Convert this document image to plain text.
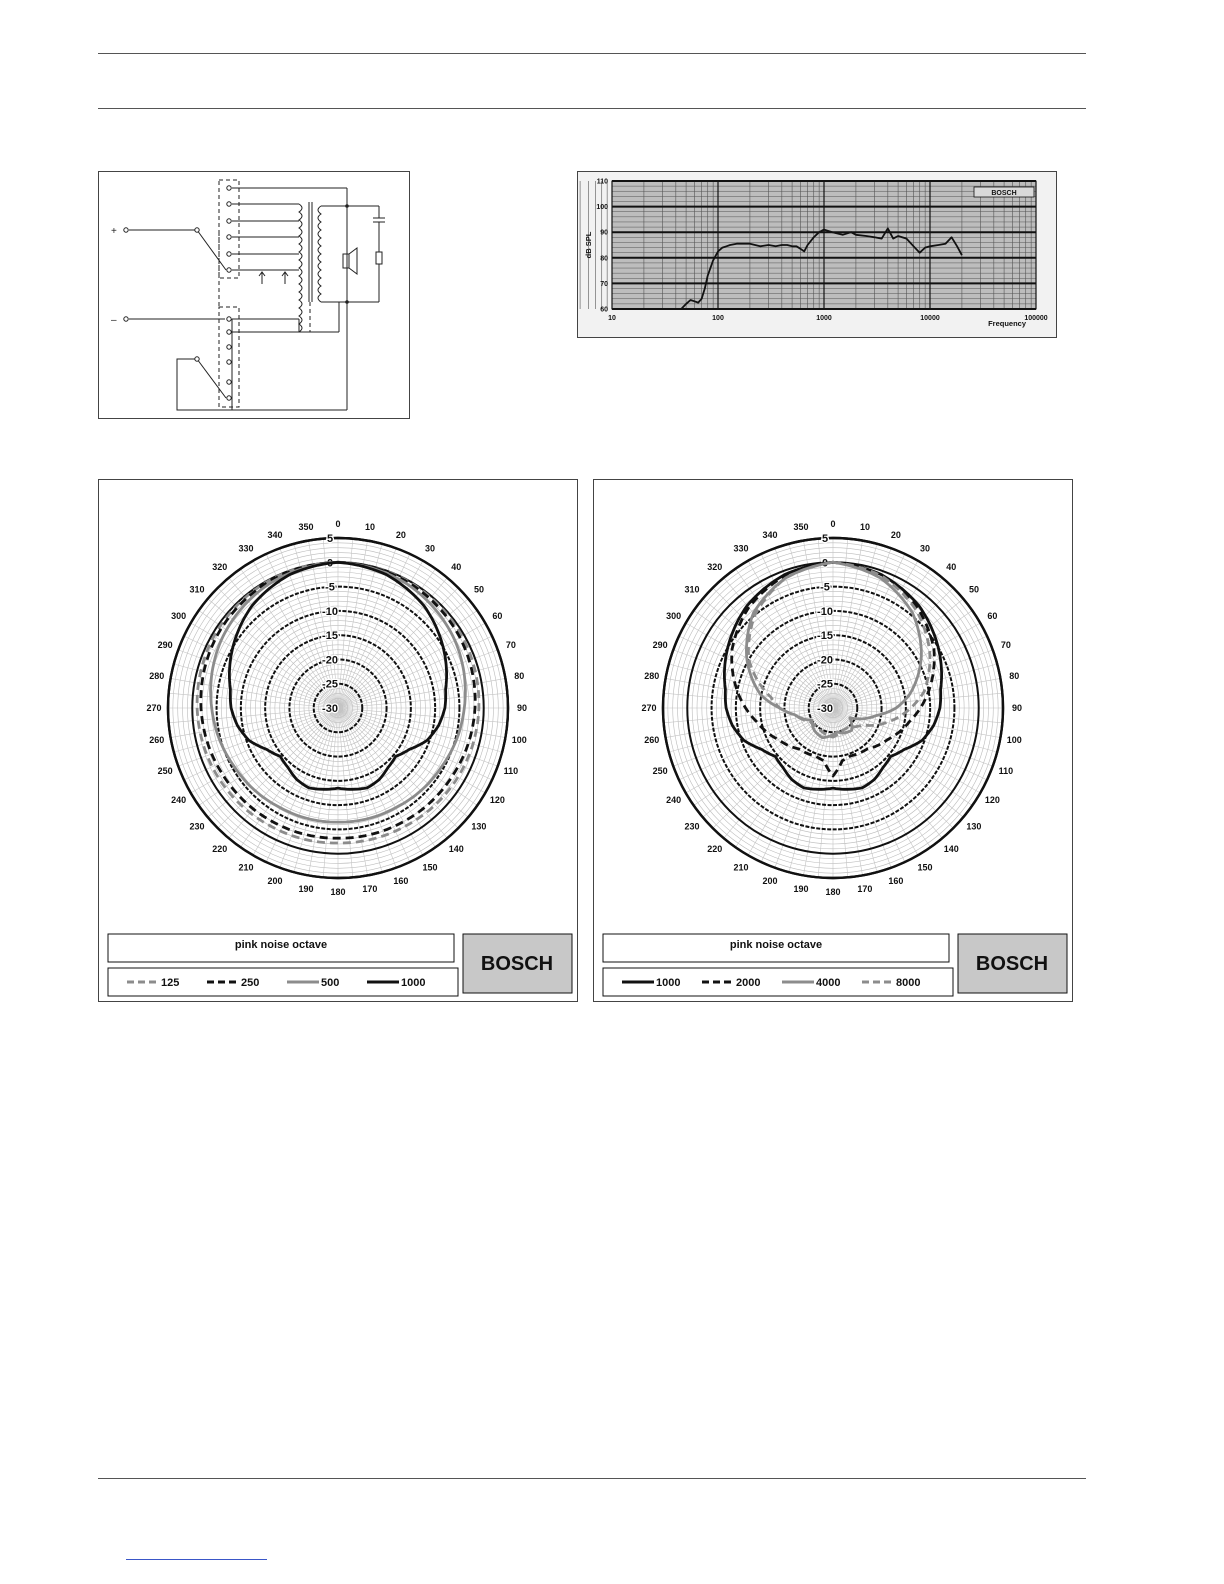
+
–	10	100	1000	10000	100000
60
70
80
90
100
110
dB SPL
Frequency
BOSCH
0	10
20
30
40
50
60
70
80
90
100
110
120
130
140
150
160
170
180
190
200
210
220
230
240
250
260
270
280
290
300
310
320
330
340
350
5
0
-5
-10
-15
-20
-25
-30
pink noise octave
125	250	500	1000
BOSCH
0	10
20
30
40
50
60
70
80
90
100
110
120
130
140
150
160
170
180
190
200
210
220
230
240
250
260
270
280
290
300
310
320
330
340
350
5
0
-5
-10
-15
-20
-25
-30
pink noise octave
1000	2000	4000	8000
BOSCH
